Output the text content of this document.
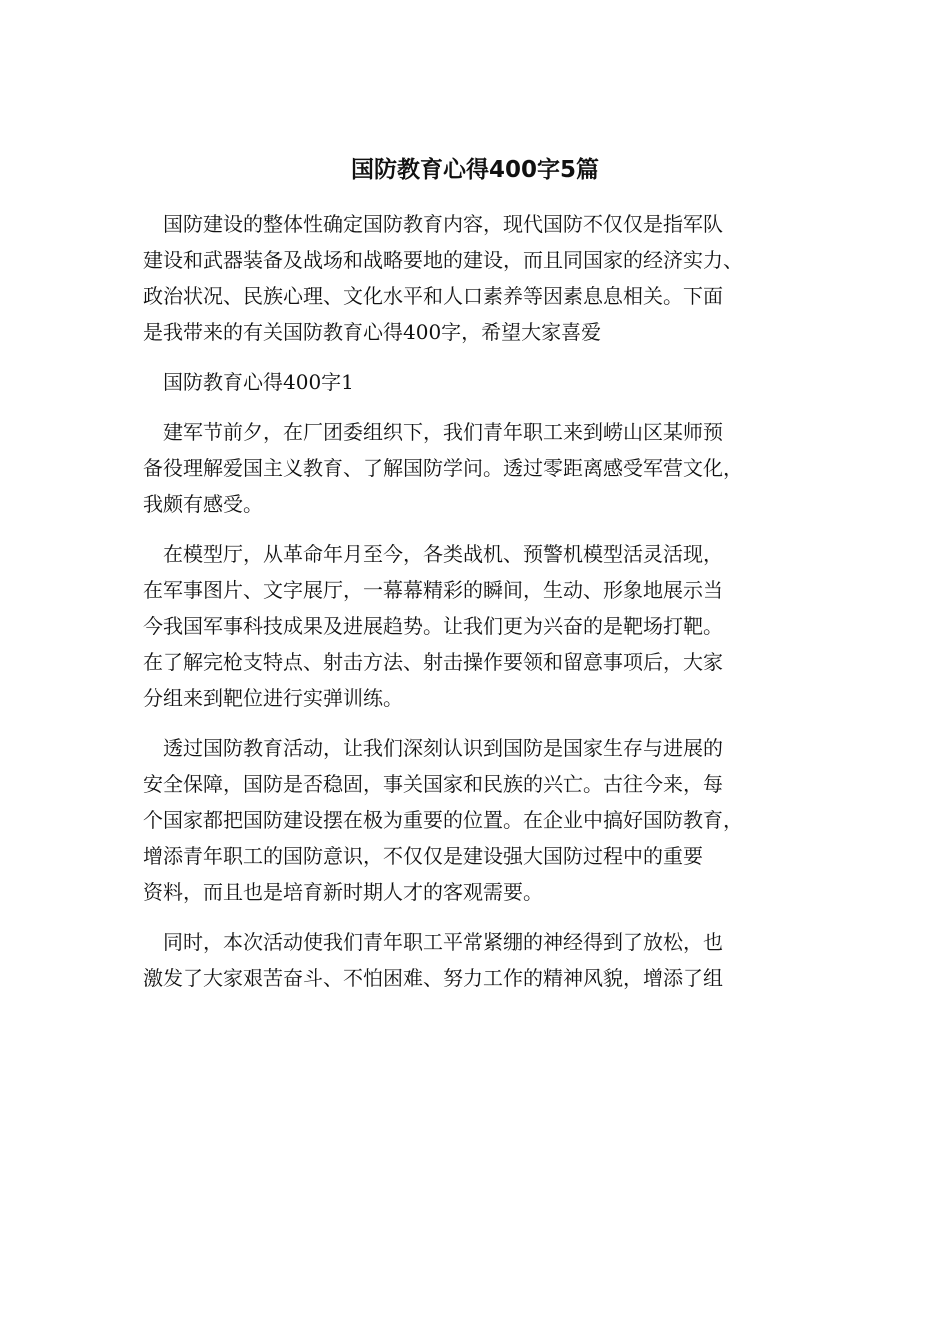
国防教育心得400字5篇

　国防建设的整体性确定国防教育内容，现代国防不仅仅是指军队
建设和武器装备及战场和战略要地的建设，而且同国家的经济实力、
政治状况、民族心理、文化水平和人口素养等因素息息相关。下面
是我带来的有关国防教育心得400字，希望大家喜爱

　国防教育心得400字1

　建军节前夕，在厂团委组织下，我们青年职工来到崂山区某师预
备役理解爱国主义教育、了解国防学问。透过零距离感受军营文化，
我颇有感受。

　在模型厅，从革命年月至今，各类战机、预警机模型活灵活现，
在军事图片、文字展厅，一幕幕精彩的瞬间，生动、形象地展示当
今我国军事科技成果及进展趋势。让我们更为兴奋的是靶场打靶。
在了解完枪支特点、射击方法、射击操作要领和留意事项后，大家
分组来到靶位进行实弹训练。

　透过国防教育活动，让我们深刻认识到国防是国家生存与进展的
安全保障，国防是否稳固，事关国家和民族的兴亡。古往今来，每
个国家都把国防建设摆在极为重要的位置。在企业中搞好国防教育，
增添青年职工的国防意识，不仅仅是建设强大国防过程中的重要
资料，而且也是培育新时期人才的客观需要。

　同时，本次活动使我们青年职工平常紧绷的神经得到了放松，也
激发了大家艰苦奋斗、不怕困难、努力工作的精神风貌，增添了组
